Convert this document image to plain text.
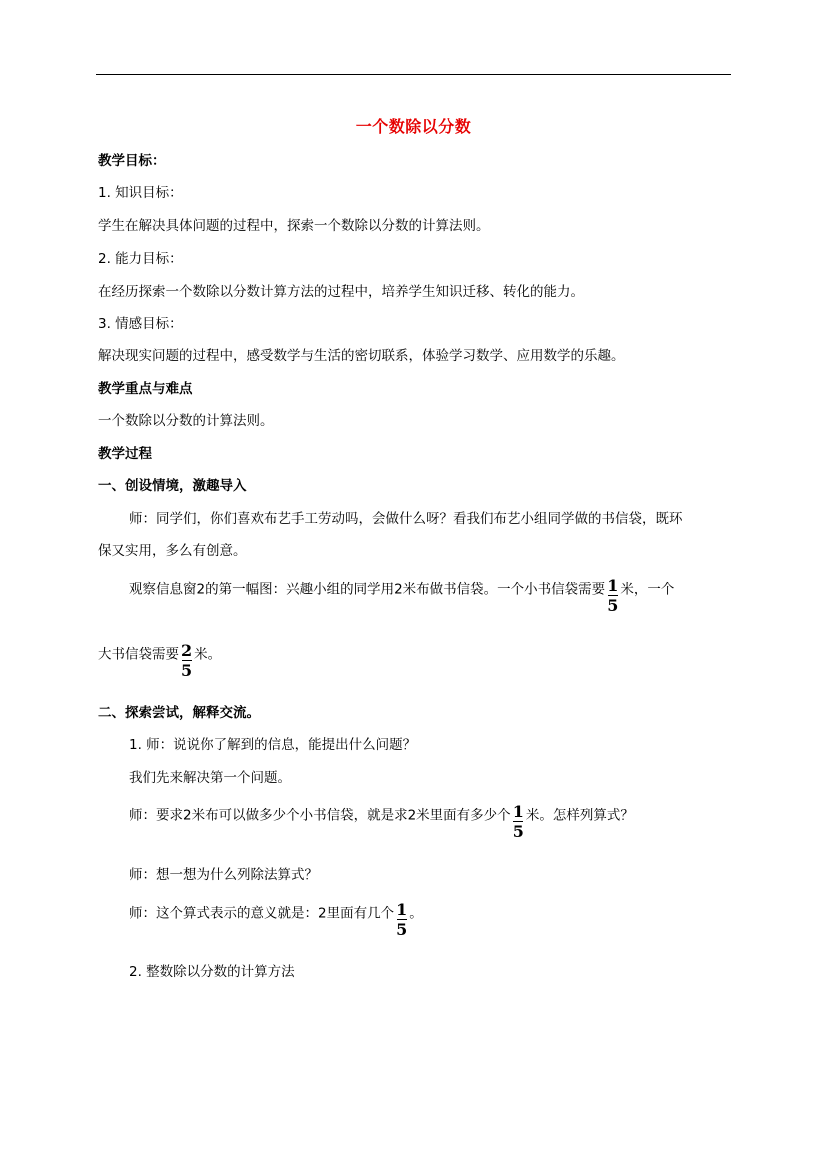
一个数除以分数
教学目标：
1. 知识目标：
学生在解决具体问题的过程中，探索一个数除以分数的计算法则。
2. 能力目标：
在经历探索一个数除以分数计算方法的过程中，培养学生知识迁移、转化的能力。
3. 情感目标：
解决现实问题的过程中，感受数学与生活的密切联系，体验学习数学、应用数学的乐趣。
教学重点与难点
一个数除以分数的计算法则。
教学过程
一、创设情境，激趣导入
师：同学们，你们喜欢布艺手工劳动吗，会做什么呀？看我们布艺小组同学做的书信袋，既环
保又实用，多么有创意。
观察信息窗2的第一幅图：兴趣小组的同学用2米布做书信袋。一个小书信袋需要 $\frac{1}{5}$ 米，一个
大书信袋需要 $\frac{2}{5}$ 米。
二、探索尝试，解释交流。
1. 师：说说你了解到的信息，能提出什么问题？
我们先来解决第一个问题。
师：要求2米布可以做多少个小书信袋，就是求2米里面有多少个 $\frac{1}{5}$ 米。怎样列算式？
师：想一想为什么列除法算式？
师：这个算式表示的意义就是：2里面有几个 $\frac{1}{5}$ 。
2. 整数除以分数的计算方法
